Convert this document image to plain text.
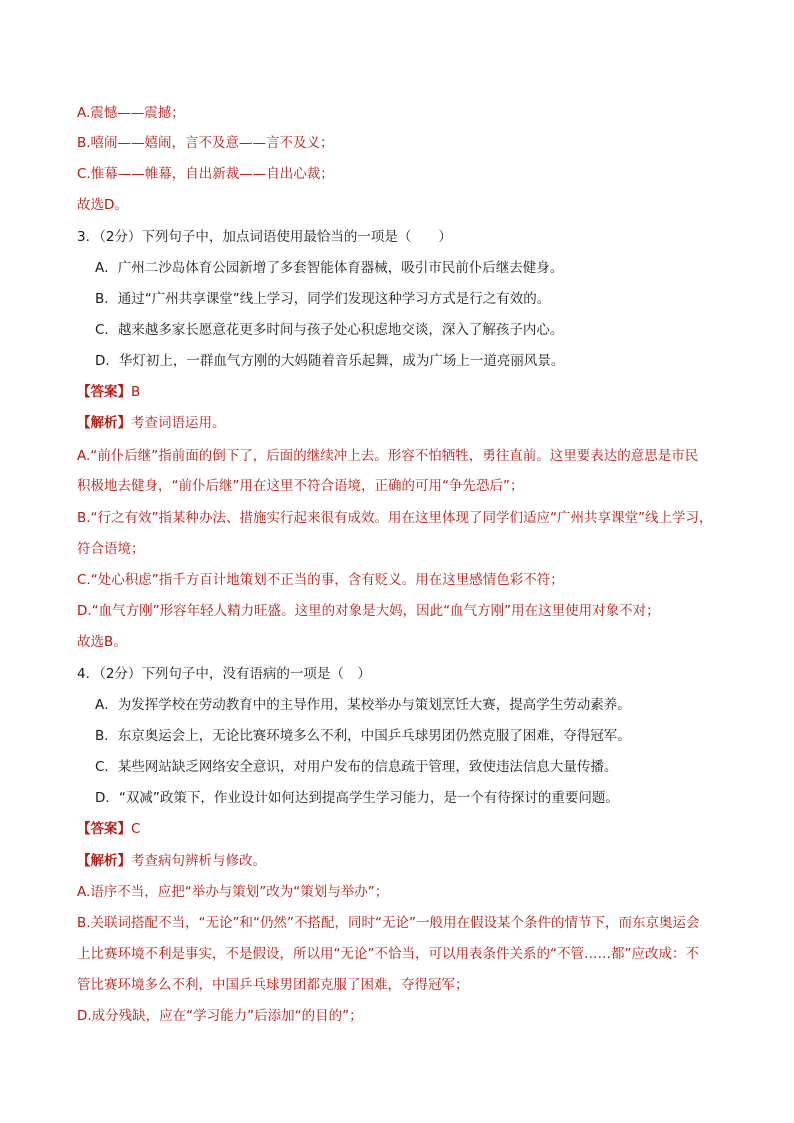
A.震憾——震撼；
B.嘻闹——嬉闹，言不及意——言不及义；
C.惟幕——帷幕，自出新裁——自出心裁；
故选D。
3．（2分）下列句子中，加点词语使用最恰当的一项是（　　）
A．广州二沙岛体育公园新增了多套智能体育器械，吸引市民前仆后继去健身。
B．通过“广州共享课堂”线上学习，同学们发现这种学习方式是行之有效的。
C．越来越多家长愿意花更多时间与孩子处心积虑地交谈，深入了解孩子内心。
D．华灯初上，一群血气方刚的大妈随着音乐起舞，成为广场上一道亮丽风景。
【答案】B
【解析】考查词语运用。
A.“前仆后继”指前面的倒下了，后面的继续冲上去。形容不怕牺牲，勇往直前。这里要表达的意思是市民
积极地去健身，“前仆后继”用在这里不符合语境，正确的可用“争先恐后”；
B.“行之有效”指某种办法、措施实行起来很有成效。用在这里体现了同学们适应“广州共享课堂”线上学习，
符合语境；
C.“处心积虑”指千方百计地策划不正当的事，含有贬义。用在这里感情色彩不符；
D.“血气方刚”形容年轻人精力旺盛。这里的对象是大妈，因此“血气方刚”用在这里使用对象不对；
故选B。
4．（2分）下列句子中，没有语病的一项是（　）
A．为发挥学校在劳动教育中的主导作用，某校举办与策划烹饪大赛，提高学生劳动素养。
B．东京奥运会上，无论比赛环境多么不利，中国乒乓球男团仍然克服了困难，夺得冠军。
C．某些网站缺乏网络安全意识，对用户发布的信息疏于管理，致使违法信息大量传播。
D．“双减”政策下，作业设计如何达到提高学生学习能力，是一个有待探讨的重要问题。
【答案】C
【解析】考查病句辨析与修改。
A.语序不当，应把“举办与策划”改为“策划与举办”；
B.关联词搭配不当，“无论”和“仍然”不搭配，同时“无论”一般用在假设某个条件的情节下，而东京奥运会
上比赛环境不利是事实，不是假设，所以用“无论”不恰当，可以用表条件关系的“不管……都”应改成：不
管比赛环境多么不利，中国乒乓球男团都克服了困难，夺得冠军；
D.成分残缺，应在“学习能力”后添加“的目的”；
